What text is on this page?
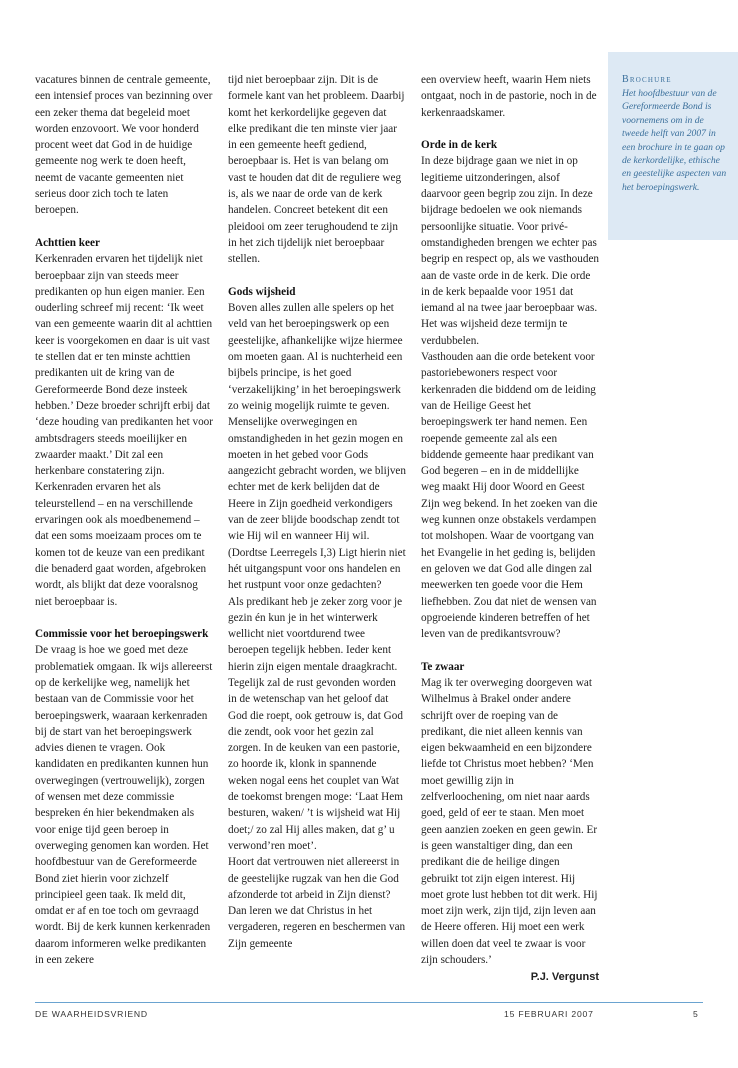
vacatures binnen de centrale gemeente, een intensief proces van bezinning over een zeker thema dat begeleid moet worden enzovoort. We voor honderd procent weet dat God in de huidige gemeente nog werk te doen heeft, neemt de vacante gemeenten niet serieus door zich toch te laten beroepen.

Achttien keer

Kerkenraden ervaren het tijdelijk niet beroepbaar zijn van steeds meer predikanten op hun eigen manier. Een ouderling schreef mij recent: ‘Ik weet van een gemeente waarin dit al achttien keer is voorgekomen en daar is uit vast te stellen dat er ten minste achttien predikanten uit de kring van de Gereformeerde Bond deze insteek hebben.’ Deze broeder schrijft erbij dat ‘deze houding van predikanten het voor ambtsdragers steeds moeilijker en zwaarder maakt.’ Dit zal een herkenbare constatering zijn. Kerkenraden ervaren het als teleurstellend – en na verschillende ervaringen ook als moedbenemend – dat een soms moeizaam proces om te komen tot de keuze van een predikant die benaderd gaat worden, afgebroken wordt, als blijkt dat deze vooralsnog niet beroepbaar is.

Commissie voor het beroepingswerk

De vraag is hoe we goed met deze problematiek omgaan. Ik wijs allereerst op de kerkelijke weg, namelijk het bestaan van de Commissie voor het beroepingswerk, waaraan kerkenraden bij de start van het beroepingswerk advies dienen te vragen. Ook kandidaten en predikanten kunnen hun overwegingen (vertrouwelijk), zorgen of wensen met deze commissie bespreken én hier bekendmaken als voor enige tijd geen beroep in overweging genomen kan worden. Het hoofdbestuur van de Gereformeerde Bond ziet hierin voor zichzelf principieel geen taak. Ik meld dit, omdat er af en toe toch om gevraagd wordt. Bij de kerk kunnen kerkenraden daarom informeren welke predikanten in een zekere

tijd niet beroepbaar zijn. Dit is de formele kant van het probleem. Daarbij komt het kerkordelijke gegeven dat elke predikant die ten minste vier jaar in een gemeente heeft gediend, beroepbaar is. Het is van belang om vast te houden dat dit de reguliere weg is, als we naar de orde van de kerk handelen. Concreet betekent dit een pleidooi om zeer terughoudend te zijn in het zich tijdelijk niet beroepbaar stellen.

Gods wijsheid

Boven alles zullen alle spelers op het veld van het beroepingswerk op een geestelijke, afhankelijke wijze hiermee om moeten gaan. Al is nuchterheid een bijbels principe, is het goed ‘verzakelijking’ in het beroepingswerk zo weinig mogelijk ruimte te geven. Menselijke overwegingen en omstandigheden in het gezin mogen en moeten in het gebed voor Gods aangezicht gebracht worden, we blijven echter met de kerk belijden dat de Heere in Zijn goedheid verkondigers van de zeer blijde boodschap zendt tot wie Hij wil en wanneer Hij wil. (Dordtse Leerregels I,3) Ligt hierin niet hét uitgangspunt voor ons handelen en het rustpunt voor onze gedachten?

Als predikant heb je zeker zorg voor je gezin én kun je in het winterwerk wellicht niet voortdurend twee beroepen tegelijk hebben. Ieder kent hierin zijn eigen mentale draagkracht. Tegelijk zal de rust gevonden worden in de wetenschap van het geloof dat God die roept, ook getrouw is, dat God die zendt, ook voor het gezin zal zorgen. In de keuken van een pastorie, zo hoorde ik, klonk in spannende weken nogal eens het couplet van Wat de toekomst brengen moge: ‘Laat Hem besturen, waken/ ’t is wijsheid wat Hij doet;/ zo zal Hij alles maken, dat g’ u verwond’ren moet’.

Hoort dat vertrouwen niet allereerst in de geestelijke rugzak van hen die God afzonderde tot arbeid in Zijn dienst? Dan leren we dat Christus in het vergaderen, regeren en beschermen van Zijn gemeente

een overview heeft, waarin Hem niets ontgaat, noch in de pastorie, noch in de kerkenraadskamer.

Orde in de kerk

In deze bijdrage gaan we niet in op legitieme uitzonderingen, alsof daarvoor geen begrip zou zijn. In deze bijdrage bedoelen we ook niemands persoonlijke situatie. Voor privé-omstandigheden brengen we echter pas begrip en respect op, als we vasthouden aan de vaste orde in de kerk. Die orde in de kerk bepaalde voor 1951 dat iemand al na twee jaar beroepbaar was. Het was wijsheid deze termijn te verdubbelen.

Vasthouden aan die orde betekent voor pastoriebewoners respect voor kerkenraden die biddend om de leiding van de Heilige Geest het beroepingswerk ter hand nemen. Een roepende gemeente zal als een biddende gemeente haar predikant van God begeren – en in de middellijke weg maakt Hij door Woord en Geest Zijn weg bekend. In het zoeken van die weg kunnen onze obstakels verdampen tot molshopen. Waar de voortgang van het Evangelie in het geding is, belijden en geloven we dat God alle dingen zal meewerken ten goede voor die Hem liefhebben. Zou dat niet de wensen van opgroeiende kinderen betreffen of het leven van de predikantsvrouw?

Te zwaar

Mag ik ter overweging doorgeven wat Wilhelmus à Brakel onder andere schrijft over de roeping van de predikant, die niet alleen kennis van eigen bekwaamheid en een bijzondere liefde tot Christus moet hebben? ‘Men moet gewillig zijn in zelfverloochening, om niet naar aards goed, geld of eer te staan. Men moet geen aanzien zoeken en geen gewin. Er is geen wanstaltiger ding, dan een predikant die de heilige dingen gebruikt tot zijn eigen interest. Hij moet grote lust hebben tot dit werk. Hij moet zijn werk, zijn tijd, zijn leven aan de Heere offeren. Hij moet een werk willen doen dat veel te zwaar is voor zijn schouders.’

P.J. Vergunst
Brochure
Het hoofdbestuur van de Gereformeerde Bond is voornemens om in de tweede helft van 2007 in een brochure in te gaan op de kerkordelijke, ethische en geestelijke aspecten van het beroepingswerk.
DE WAARHEIDSVRIEND	15 FEBRUARI 2007	5
